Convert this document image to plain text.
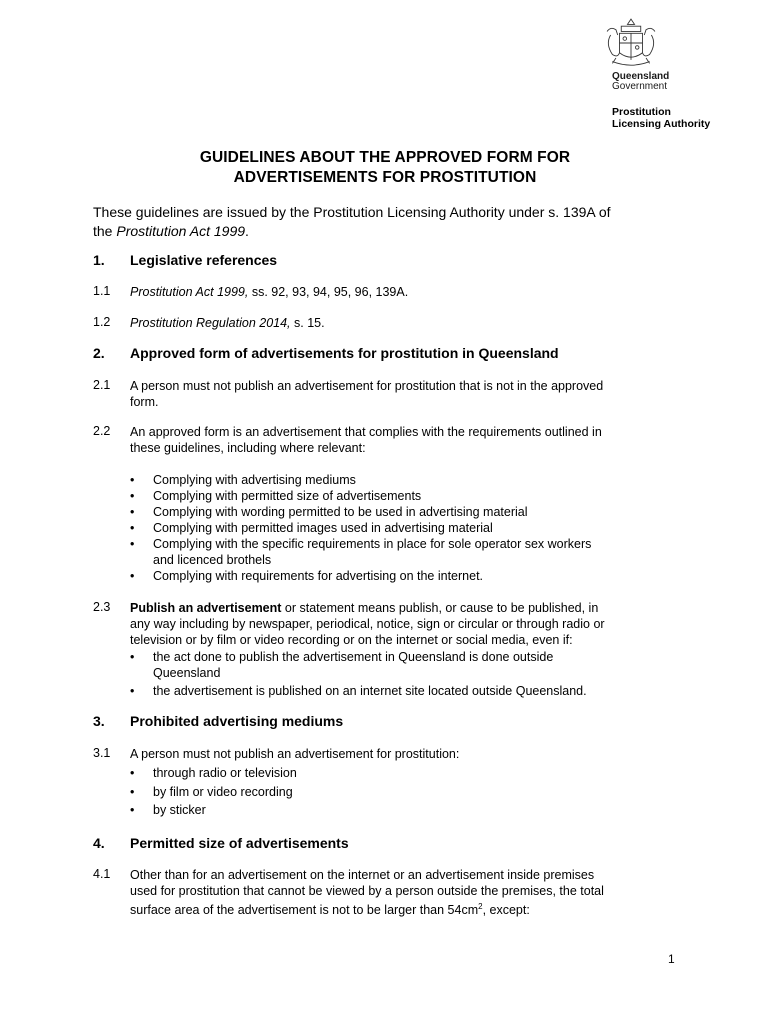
Queensland
Government
Prostitution
Licensing Authority
GUIDELINES ABOUT THE APPROVED FORM FOR
ADVERTISEMENTS FOR PROSTITUTION
These guidelines are issued by the Prostitution Licensing Authority under s. 139A of
the Prostitution Act 1999.
1. Legislative references
1.1 Prostitution Act 1999, ss. 92, 93, 94, 95, 96, 139A.
1.2 Prostitution Regulation 2014, s. 15.
2. Approved form of advertisements for prostitution in Queensland
2.1 A person must not publish an advertisement for prostitution that is not in the approved
form.
2.2 An approved form is an advertisement that complies with the requirements outlined in
these guidelines, including where relevant:
• Complying with advertising mediums
• Complying with permitted size of advertisements
• Complying with wording permitted to be used in advertising material
• Complying with permitted images used in advertising material
• Complying with the specific requirements in place for sole operator sex workers
and licenced brothels
• Complying with requirements for advertising on the internet.
2.3 Publish an advertisement or statement means publish, or cause to be published, in
any way including by newspaper, periodical, notice, sign or circular or through radio or
television or by film or video recording or on the internet or social media, even if:
• the act done to publish the advertisement in Queensland is done outside
Queensland
• the advertisement is published on an internet site located outside Queensland.
3. Prohibited advertising mediums
3.1 A person must not publish an advertisement for prostitution:
• through radio or television
• by film or video recording
• by sticker
4. Permitted size of advertisements
4.1 Other than for an advertisement on the internet or an advertisement inside premises
used for prostitution that cannot be viewed by a person outside the premises, the total
surface area of the advertisement is not to be larger than $54cm^2$, except:
1
